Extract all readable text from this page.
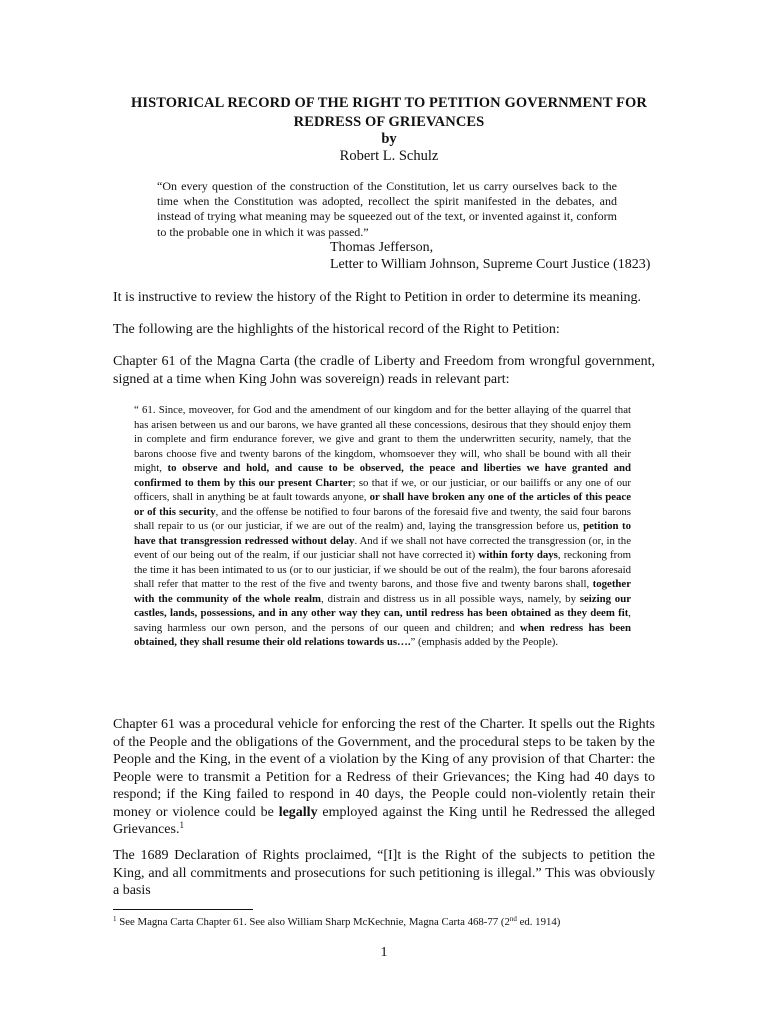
HISTORICAL RECORD OF THE RIGHT TO PETITION GOVERNMENT FOR REDRESS OF GRIEVANCES
by
Robert L. Schulz
“On every question of the construction of the Constitution, let us carry ourselves back to the time when the Constitution was adopted, recollect the spirit manifested in the debates, and instead of trying what meaning may be squeezed out of the text, or invented against it, conform to the probable one in which it was passed.”
Thomas Jefferson,
Letter to William Johnson, Supreme Court Justice (1823)
It is instructive to review the history of the Right to Petition in order to determine its meaning.
The following are the highlights of the historical record of the Right to Petition:
Chapter 61 of the Magna Carta (the cradle of Liberty and Freedom from wrongful government, signed at a time when King John was sovereign) reads in relevant part:
“ 61. Since, moveover, for God and the amendment of our kingdom and for the better allaying of the quarrel that has arisen between us and our barons, we have granted all these concessions, desirous that they should enjoy them in complete and firm endurance forever, we give and grant to them the underwritten security, namely, that the barons choose five and twenty barons of the kingdom, whomsoever they will, who shall be bound with all their might, to observe and hold, and cause to be observed, the peace and liberties we have granted and confirmed to them by this our present Charter; so that if we, or our justiciar, or our bailiffs or any one of our officers, shall in anything be at fault towards anyone, or shall have broken any one of the articles of this peace or of this security, and the offense be notified to four barons of the foresaid five and twenty, the said four barons shall repair to us (or our justiciar, if we are out of the realm) and, laying the transgression before us, petition to have that transgression redressed without delay. And if we shall not have corrected the transgression (or, in the event of our being out of the realm, if our justiciar shall not have corrected it) within forty days, reckoning from the time it has been intimated to us (or to our justiciar, if we should be out of the realm), the four barons aforesaid shall refer that matter to the rest of the five and twenty barons, and those five and twenty barons shall, together with the community of the whole realm, distrain and distress us in all possible ways, namely, by seizing our castles, lands, possessions, and in any other way they can, until redress has been obtained as they deem fit, saving harmless our own person, and the persons of our queen and children; and when redress has been obtained, they shall resume their old relations towards us….” (emphasis added by the People).
Chapter 61 was a procedural vehicle for enforcing the rest of the Charter. It spells out the Rights of the People and the obligations of the Government, and the procedural steps to be taken by the People and the King, in the event of a violation by the King of any provision of that Charter: the People were to transmit a Petition for a Redress of their Grievances; the King had 40 days to respond; if the King failed to respond in 40 days, the People could non-violently retain their money or violence could be legally employed against the King until he Redressed the alleged Grievances.$^1$
The 1689 Declaration of Rights proclaimed, “[I]t is the Right of the subjects to petition the King, and all commitments and prosecutions for such petitioning is illegal.” This was obviously a basis
$^1$ See Magna Carta Chapter 61. See also William Sharp McKechnie, Magna Carta 468-77 (2nd ed. 1914)
1
